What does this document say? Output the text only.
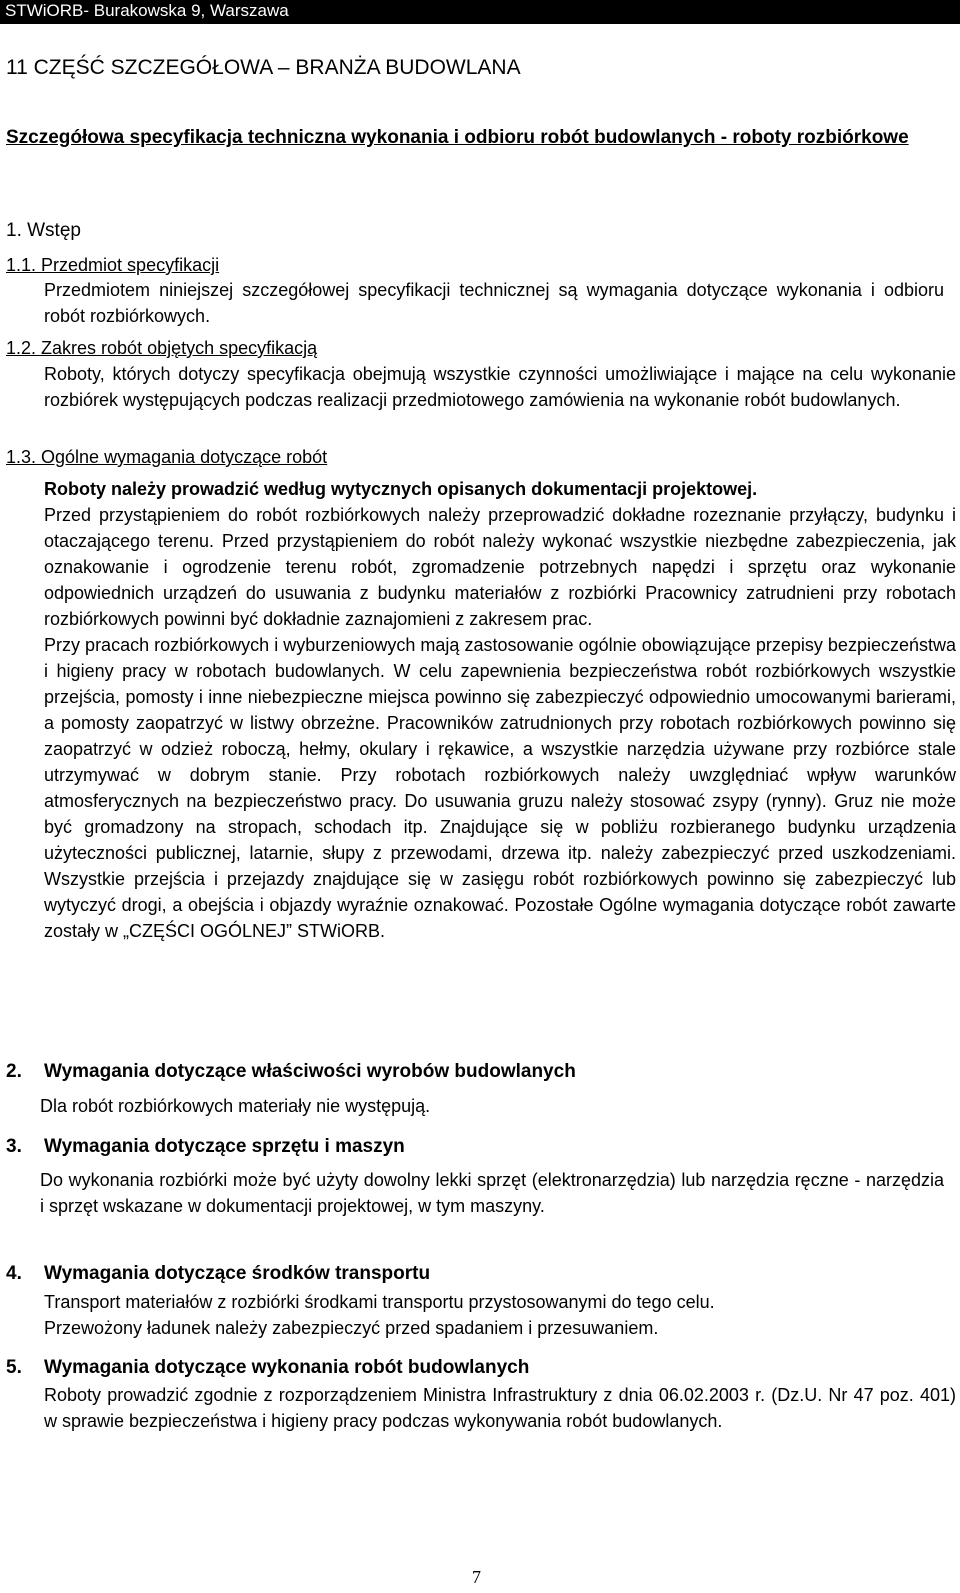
STWiORB- Burakowska 9, Warszawa
11 CZĘŚĆ SZCZEGÓŁOWA – BRANŻA BUDOWLANA
Szczegółowa specyfikacja techniczna wykonania i odbioru robót budowlanych - roboty rozbiórkowe
1. Wstęp
1.1. Przedmiot specyfikacji
Przedmiotem niniejszej szczegółowej specyfikacji technicznej są wymagania dotyczące wykonania i odbioru robót rozbiórkowych.
1.2. Zakres robót objętych specyfikacją
Roboty, których dotyczy specyfikacja obejmują wszystkie czynności umożliwiające i mające na celu wykonanie rozbiórek występujących podczas realizacji przedmiotowego zamówienia na wykonanie robót budowlanych.
1.3. Ogólne wymagania dotyczące robót
Roboty należy prowadzić według wytycznych opisanych dokumentacji projektowej.

Przed przystąpieniem do robót rozbiórkowych należy przeprowadzić dokładne rozeznanie przyłączy, budynku i otaczającego terenu. Przed przystąpieniem do robót należy wykonać wszystkie niezbędne zabezpieczenia, jak oznakowanie i ogrodzenie terenu robót, zgromadzenie potrzebnych napędzi i sprzętu oraz wykonanie odpowiednich urządzeń do usuwania z budynku materiałów z rozbiórki Pracownicy zatrudnieni przy robotach rozbiórkowych powinni być dokładnie zaznajomieni z zakresem prac.

Przy pracach rozbiórkowych i wyburzeniowych mają zastosowanie ogólnie obowiązujące przepisy bezpieczeństwa i higieny pracy w robotach budowlanych. W celu zapewnienia bezpieczeństwa robót rozbiórkowych wszystkie przejścia, pomosty i inne niebezpieczne miejsca powinno się zabezpieczyć odpowiednio umocowanymi barierami, a pomosty zaopatrzyć w listwy obrzeżne. Pracowników zatrudnionych przy robotach rozbiórkowych powinno się zaopatrzyć w odzież roboczą, hełmy, okulary i rękawice, a wszystkie narzędzia używane przy rozbiórce stale utrzymywać w dobrym stanie. Przy robotach rozbiórkowych należy uwzględniać wpływ warunków atmosferycznych na bezpieczeństwo pracy. Do usuwania gruzu należy stosować zsypy (rynny). Gruz nie może być gromadzony na stropach, schodach itp. Znajdujące się w pobliżu rozbieranego budynku urządzenia użyteczności publicznej, latarnie, słupy z przewodami, drzewa itp. należy zabezpieczyć przed uszkodzeniami. Wszystkie przejścia i przejazdy znajdujące się w zasięgu robót rozbiórkowych powinno się zabezpieczyć lub wytyczyć drogi, a obejścia i objazdy wyraźnie oznakować. Pozostałe Ogólne wymagania dotyczące robót zawarte zostały w „CZĘŚCI OGÓLNEJ” STWiORB.

2. Wymagania dotyczące właściwości wyrobów budowlanych
Dla robót rozbiórkowych materiały nie występują.
3. Wymagania dotyczące sprzętu i maszyn
Do wykonania rozbiórki może być użyty dowolny lekki sprzęt (elektronarzędzia) lub narzędzia ręczne - narzędzia i sprzęt wskazane w dokumentacji projektowej, w tym maszyny.
4. Wymagania dotyczące środków transportu
Transport materiałów z rozbiórki środkami transportu przystosowanymi do tego celu.
Przewożony ładunek należy zabezpieczyć przed spadaniem i przesuwaniem.
5. Wymagania dotyczące wykonania robót budowlanych
Roboty prowadzić zgodnie z rozporządzeniem Ministra Infrastruktury z dnia 06.02.2003 r. (Dz.U. Nr 47 poz. 401) w sprawie bezpieczeństwa i higieny pracy podczas wykonywania robót budowlanych.
7
